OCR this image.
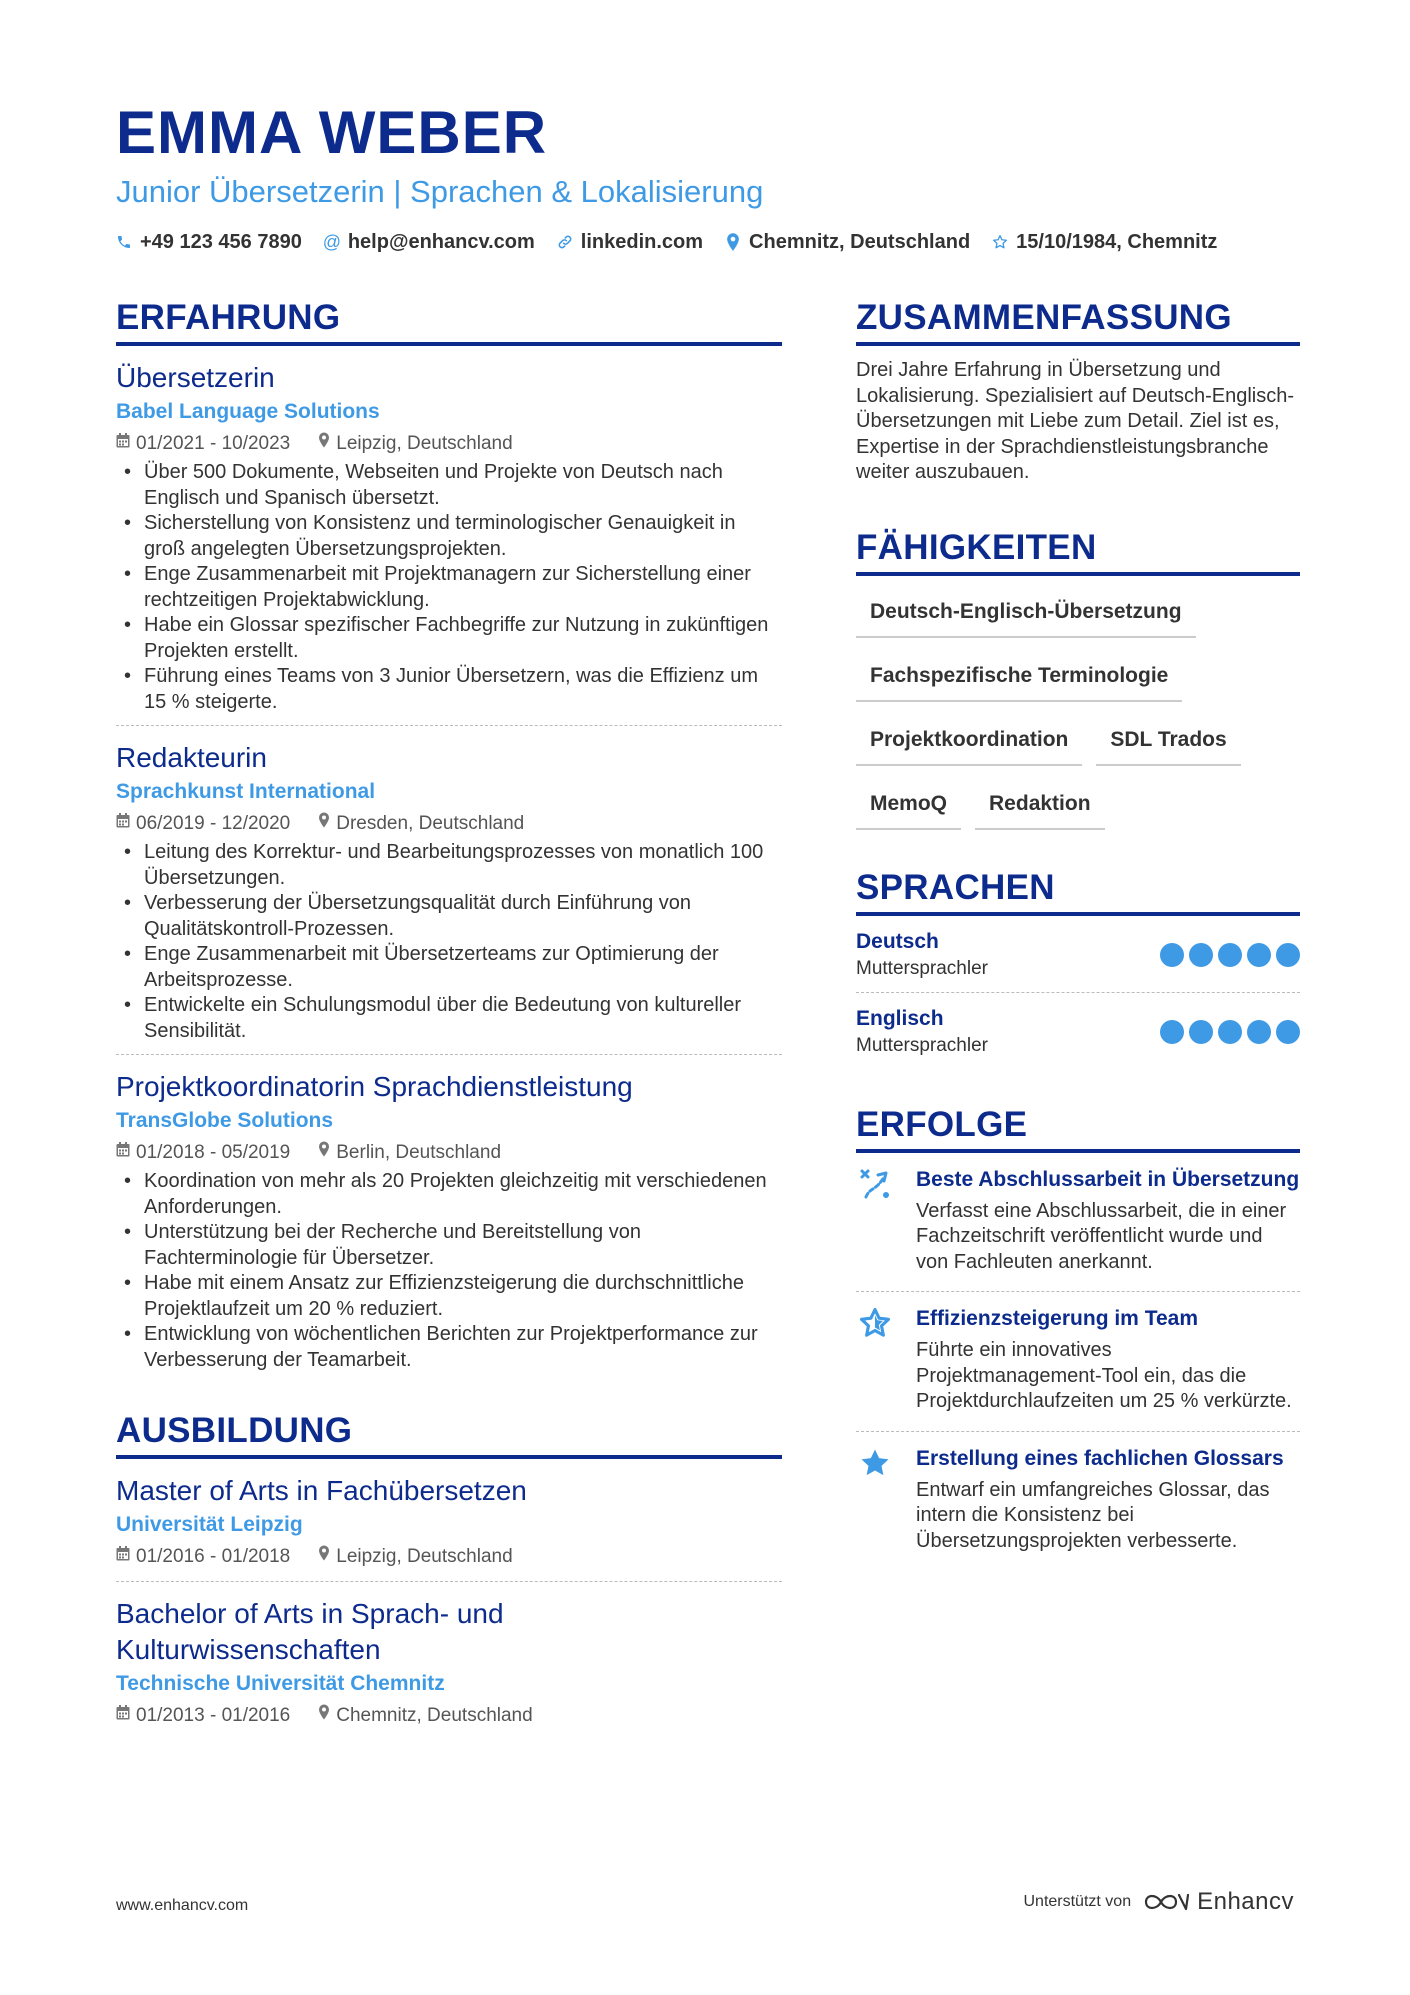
EMMA WEBER
Junior Übersetzerin | Sprachen & Lokalisierung
+49 123 456 7890 @ help@enhancv.com linkedin.com Chemnitz, Deutschland 15/10/1984, Chemnitz
ERFAHRUNG
Übersetzerin
Babel Language Solutions
01/2021 - 10/2023 Leipzig, Deutschland
• Über 500 Dokumente, Webseiten und Projekte von Deutsch nach Englisch und Spanisch übersetzt.
• Sicherstellung von Konsistenz und terminologischer Genauigkeit in groß angelegten Übersetzungsprojekten.
• Enge Zusammenarbeit mit Projektmanagern zur Sicherstellung einer rechtzeitigen Projektabwicklung.
• Habe ein Glossar spezifischer Fachbegriffe zur Nutzung in zukünftigen Projekten erstellt.
• Führung eines Teams von 3 Junior Übersetzern, was die Effizienz um 15 % steigerte.
Redakteurin
Sprachkunst International
06/2019 - 12/2020 Dresden, Deutschland
• Leitung des Korrektur- und Bearbeitungsprozesses von monatlich 100 Übersetzungen.
• Verbesserung der Übersetzungsqualität durch Einführung von Qualitätskontroll-Prozessen.
• Enge Zusammenarbeit mit Übersetzerteams zur Optimierung der Arbeitsprozesse.
• Entwickelte ein Schulungsmodul über die Bedeutung von kultureller Sensibilität.
Projektkoordinatorin Sprachdienstleistung
TransGlobe Solutions
01/2018 - 05/2019 Berlin, Deutschland
• Koordination von mehr als 20 Projekten gleichzeitig mit verschiedenen Anforderungen.
• Unterstützung bei der Recherche und Bereitstellung von Fachterminologie für Übersetzer.
• Habe mit einem Ansatz zur Effizienzsteigerung die durchschnittliche Projektlaufzeit um 20 % reduziert.
• Entwicklung von wöchentlichen Berichten zur Projektperformance zur Verbesserung der Teamarbeit.
AUSBILDUNG
Master of Arts in Fachübersetzen
Universität Leipzig
01/2016 - 01/2018 Leipzig, Deutschland
Bachelor of Arts in Sprach- und Kulturwissenschaften
Technische Universität Chemnitz
01/2013 - 01/2016 Chemnitz, Deutschland
ZUSAMMENFASSUNG
Drei Jahre Erfahrung in Übersetzung und Lokalisierung. Spezialisiert auf Deutsch-Englisch-Übersetzungen mit Liebe zum Detail. Ziel ist es, Expertise in der Sprachdienstleistungsbranche weiter auszubauen.
FÄHIGKEITEN
Deutsch-Englisch-Übersetzung
Fachspezifische Terminologie
Projektkoordination	SDL Trados
MemoQ	Redaktion
SPRACHEN
Deutsch
Muttersprachler
Englisch
Muttersprachler
ERFOLGE
Beste Abschlussarbeit in Übersetzung
Verfasst eine Abschlussarbeit, die in einer Fachzeitschrift veröffentlicht wurde und von Fachleuten anerkannt.
Effizienzsteigerung im Team
Führte ein innovatives Projektmanagement-Tool ein, das die Projektdurchlaufzeiten um 25 % verkürzte.
Erstellung eines fachlichen Glossars
Entwarf ein umfangreiches Glossar, das intern die Konsistenz bei Übersetzungsprojekten verbesserte.
www.enhancv.com	Unterstützt von	Enhancv
